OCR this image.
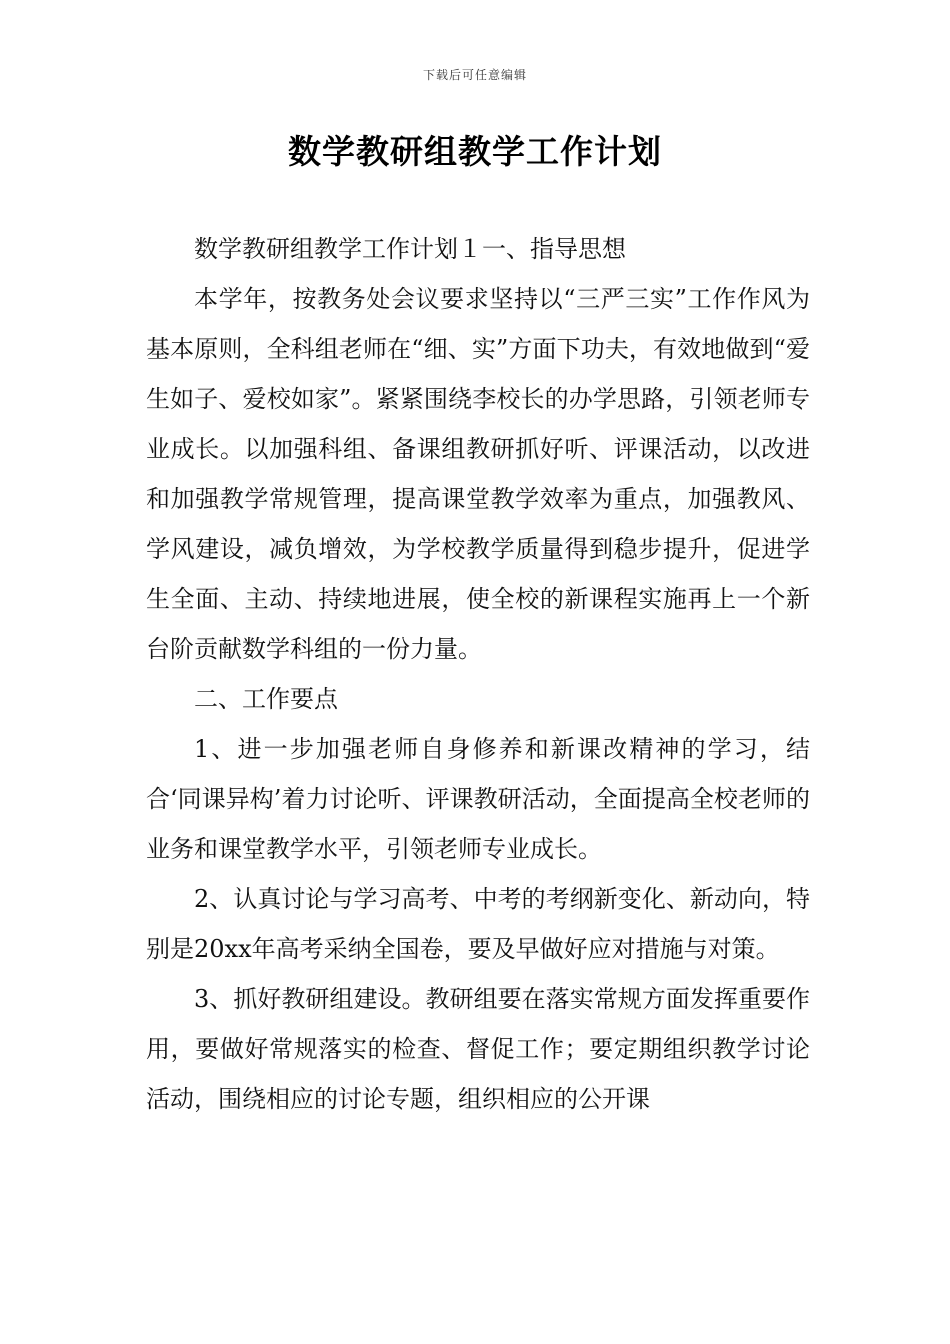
下载后可任意编辑
数学教研组教学工作计划

数学教研组教学工作计划１一、指导思想

本学年，按教务处会议要求坚持以“三严三实”工作作风为基本原则，全科组老师在“细、实”方面下功夫，有效地做到“爱生如子、爱校如家”。紧紧围绕李校长的办学思路，引领老师专业成长。以加强科组、备课组教研抓好听、评课活动，以改进和加强教学常规管理，提高课堂教学效率为重点，加强教风、学风建设，减负增效，为学校教学质量得到稳步提升，促进学生全面、主动、持续地进展，使全校的新课程实施再上一个新台阶贡献数学科组的一份力量。

二、工作要点

1、进一步加强老师自身修养和新课改精神的学习，结合‘同课异构’着力讨论听、评课教研活动，全面提高全校老师的业务和课堂教学水平，引领老师专业成长。

2、认真讨论与学习高考、中考的考纲新变化、新动向，特别是20xx年高考采纳全国卷，要及早做好应对措施与对策。

3、抓好教研组建设。教研组要在落实常规方面发挥重要作用，要做好常规落实的检查、督促工作；要定期组织教学讨论活动，围绕相应的讨论专题，组织相应的公开课
